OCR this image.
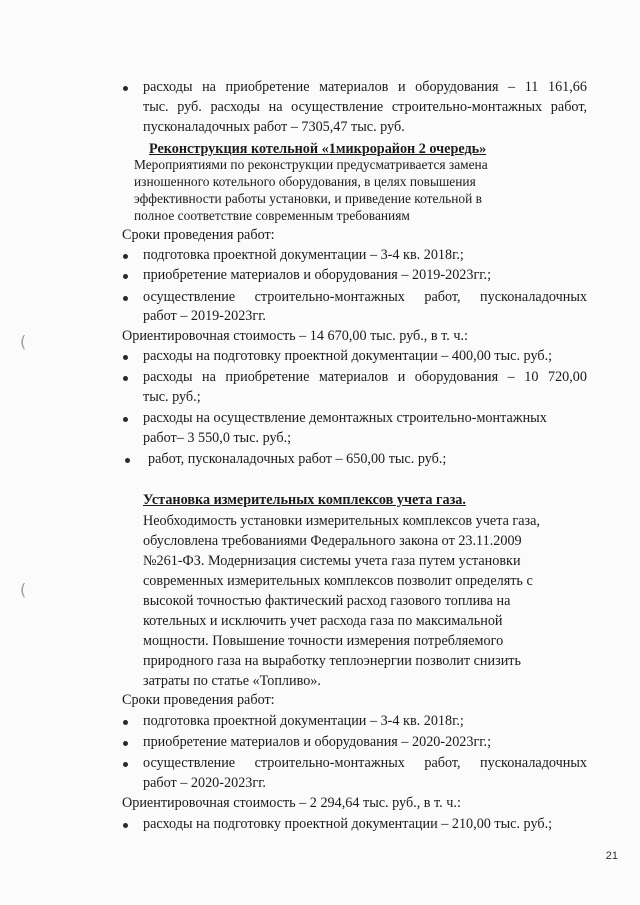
расходы на приобретение материалов и оборудования – 11 161,66
тыс. руб. расходы на осуществление строительно-монтажных работ,
пусконаладочных работ – 7305,47 тыс. руб.
Реконструкция котельной «1микрорайон 2 очередь»
Мероприятиями по реконструкции предусматривается замена
изношенного котельного оборудования, в целях повышения
эффективности работы установки, и приведение котельной в
полное соответствие современным требованиям
Сроки проведения работ:
подготовка проектной документации – 3-4 кв. 2018г.;
приобретение материалов и оборудования – 2019-2023гг.;
осуществление строительно-монтажных работ, пусконаладочных
работ – 2019-2023гг.
Ориентировочная стоимость – 14 670,00 тыс. руб., в т. ч.:
расходы на подготовку проектной документации – 400,00 тыс. руб.;
расходы на приобретение материалов и оборудования – 10 720,00
тыс. руб.;
расходы на осуществление демонтажных строительно-монтажных
работ– 3 550,0 тыс. руб.;
работ, пусконаладочных работ – 650,00 тыс. руб.;
(
(
Установка измерительных комплексов учета газа.
Необходимость установки измерительных комплексов учета газа,
обусловлена требованиями Федерального закона от 23.11.2009
№261-ФЗ. Модернизация системы учета газа путем установки
современных измерительных комплексов позволит определять с
высокой точностью фактический расход газового топлива на
котельных и исключить учет расхода газа по максимальной
мощности. Повышение точности измерения потребляемого
природного газа на выработку теплоэнергии позволит снизить
затраты по статье «Топливо».
Сроки проведения работ:
подготовка проектной документации – 3-4 кв. 2018г.;
приобретение материалов и оборудования – 2020-2023гг.;
осуществление строительно-монтажных работ, пусконаладочных
работ – 2020-2023гг.
Ориентировочная стоимость – 2 294,64 тыс. руб., в т. ч.:
расходы на подготовку проектной документации – 210,00 тыс. руб.;
21
